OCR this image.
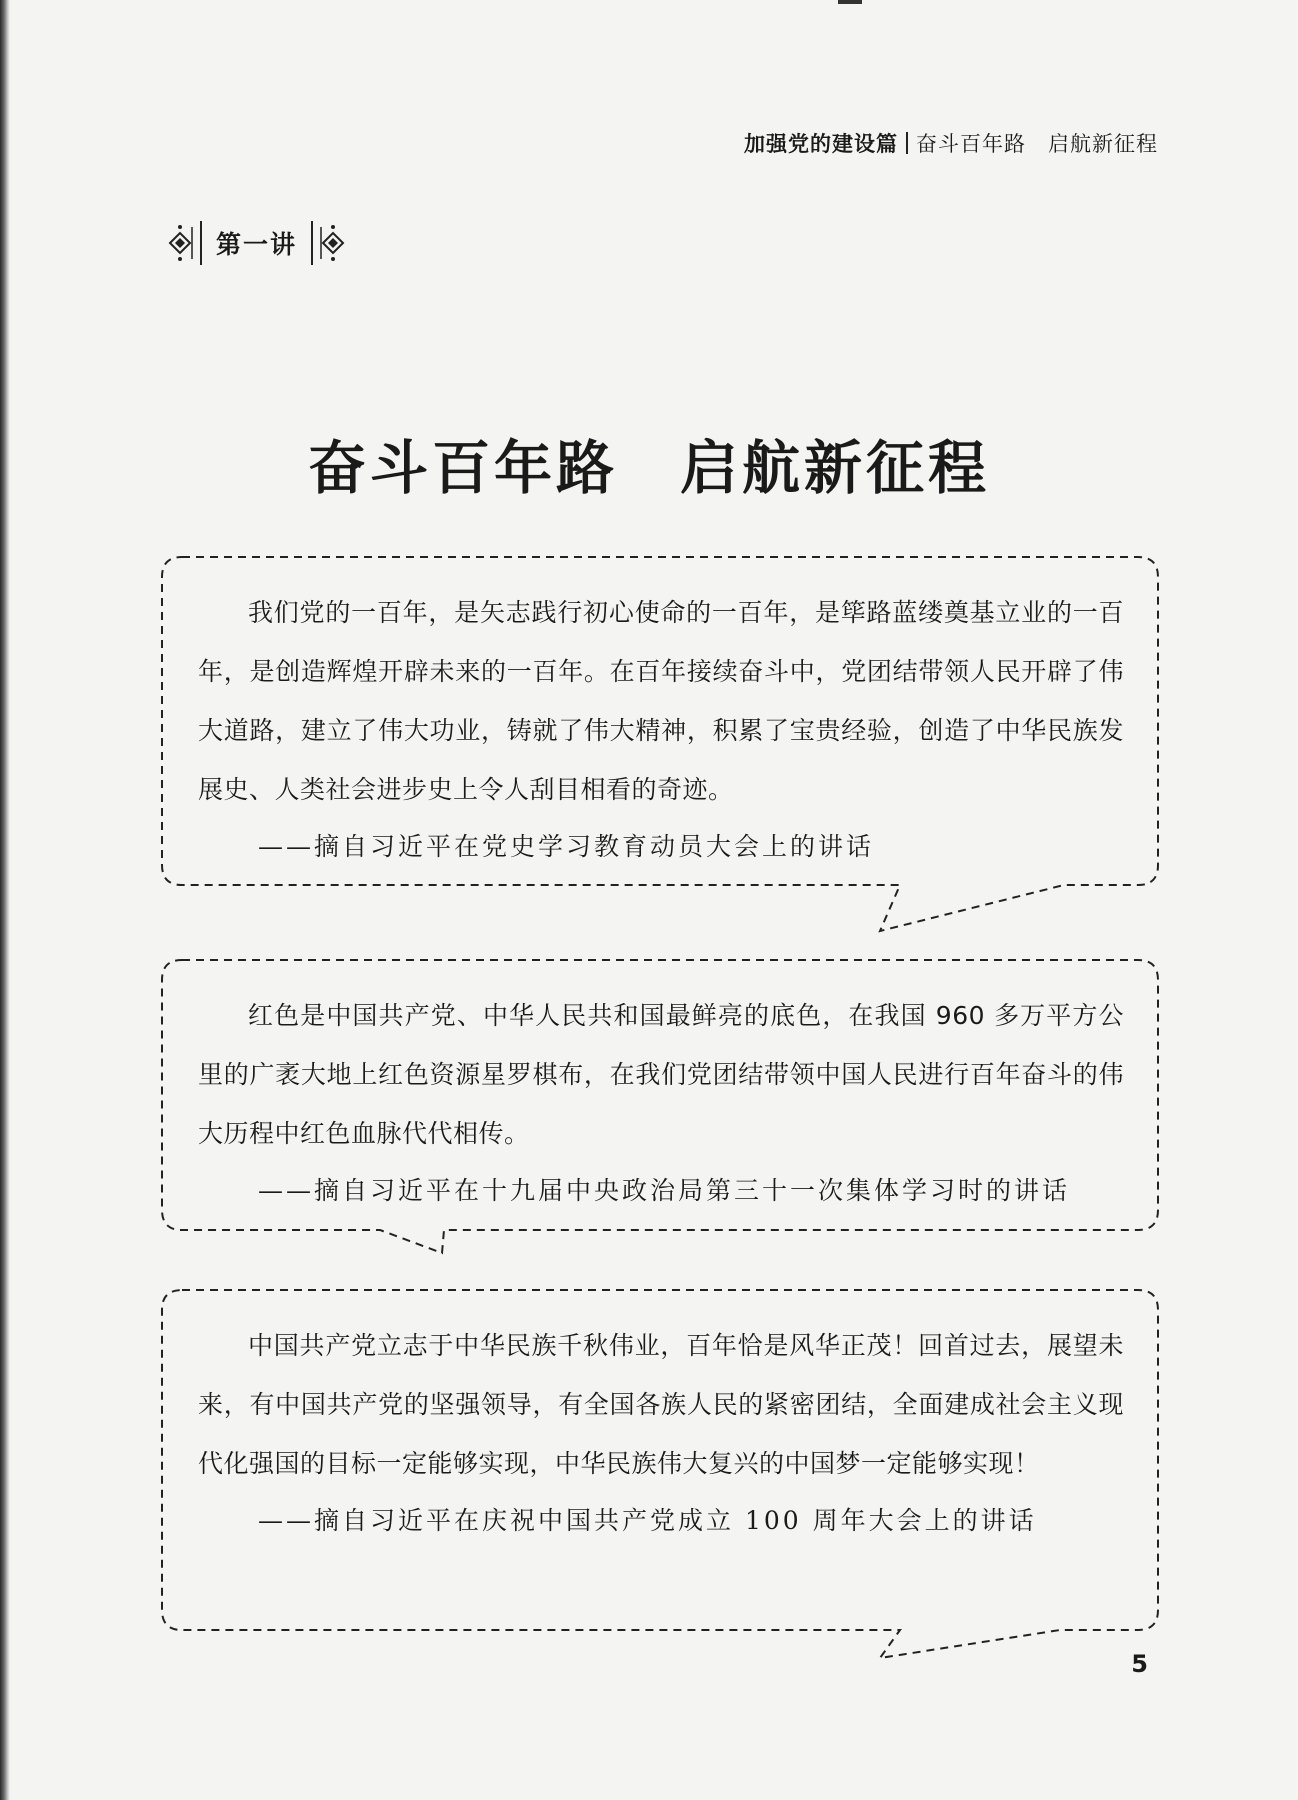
加强党的建设篇 奋斗百年路　启航新征程
第一讲
奋斗百年路　启航新征程

我们党的一百年，是矢志践行初心使命的一百年，是筚路蓝缕奠基立业的一百年，是创造辉煌开辟未来的一百年。在百年接续奋斗中，党团结带领人民开辟了伟大道路，建立了伟大功业，铸就了伟大精神，积累了宝贵经验，创造了中华民族发展史、人类社会进步史上令人刮目相看的奇迹。

——摘自习近平在党史学习教育动员大会上的讲话

红色是中国共产党、中华人民共和国最鲜亮的底色，在我国 960 多万平方公里的广袤大地上红色资源星罗棋布，在我们党团结带领中国人民进行百年奋斗的伟大历程中红色血脉代代相传。

——摘自习近平在十九届中央政治局第三十一次集体学习时的讲话

中国共产党立志于中华民族千秋伟业，百年恰是风华正茂！回首过去，展望未来，有中国共产党的坚强领导，有全国各族人民的紧密团结，全面建成社会主义现代化强国的目标一定能够实现，中华民族伟大复兴的中国梦一定能够实现！

——摘自习近平在庆祝中国共产党成立 100 周年大会上的讲话

5
